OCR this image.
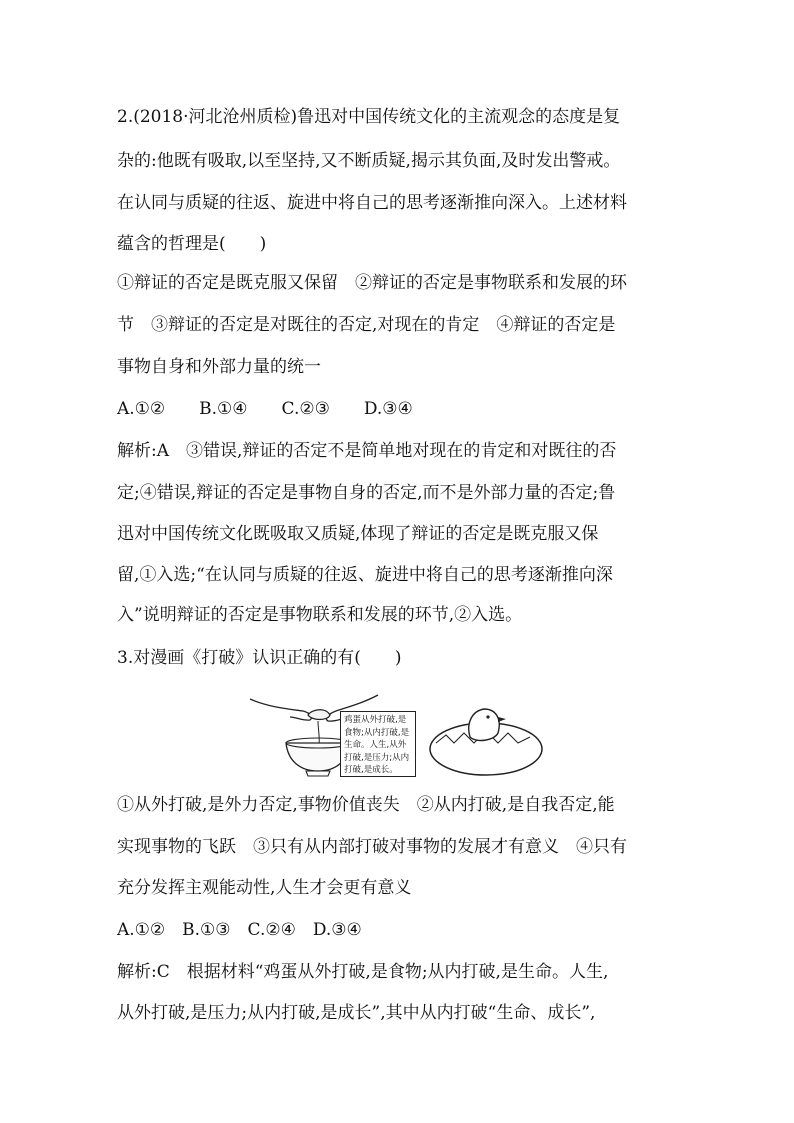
2.(2018·河北沧州质检)鲁迅对中国传统文化的主流观念的态度是复
杂的:他既有吸取,以至坚持,又不断质疑,揭示其负面,及时发出警戒。
在认同与质疑的往返、旋进中将自己的思考逐渐推向深入。上述材料
蕴含的哲理是(　　)
①辩证的否定是既克服又保留　②辩证的否定是事物联系和发展的环
节　③辩证的否定是对既往的否定,对现在的肯定　④辩证的否定是
事物自身和外部力量的统一
A.①②　　B.①④　　C.②③　　D.③④
解析:A　③错误,辩证的否定不是简单地对现在的肯定和对既往的否
定;④错误,辩证的否定是事物自身的否定,而不是外部力量的否定;鲁
迅对中国传统文化既吸取又质疑,体现了辩证的否定是既克服又保
留,①入选;“在认同与质疑的往返、旋进中将自己的思考逐渐推向深
入”说明辩证的否定是事物联系和发展的环节,②入选。
3.对漫画《打破》认识正确的有(　　)
鸡蛋从外打破,是食物;从内打破,是生命。人生,从外打破,是压力;从内打破,是成长。
①从外打破,是外力否定,事物价值丧失　②从内打破,是自我否定,能
实现事物的飞跃　③只有从内部打破对事物的发展才有意义　④只有
充分发挥主观能动性,人生才会更有意义
A.①②　B.①③　C.②④　D.③④
解析:C　根据材料“鸡蛋从外打破,是食物;从内打破,是生命。人生,
从外打破,是压力;从内打破,是成长”,其中从内打破“生命、成长”,
